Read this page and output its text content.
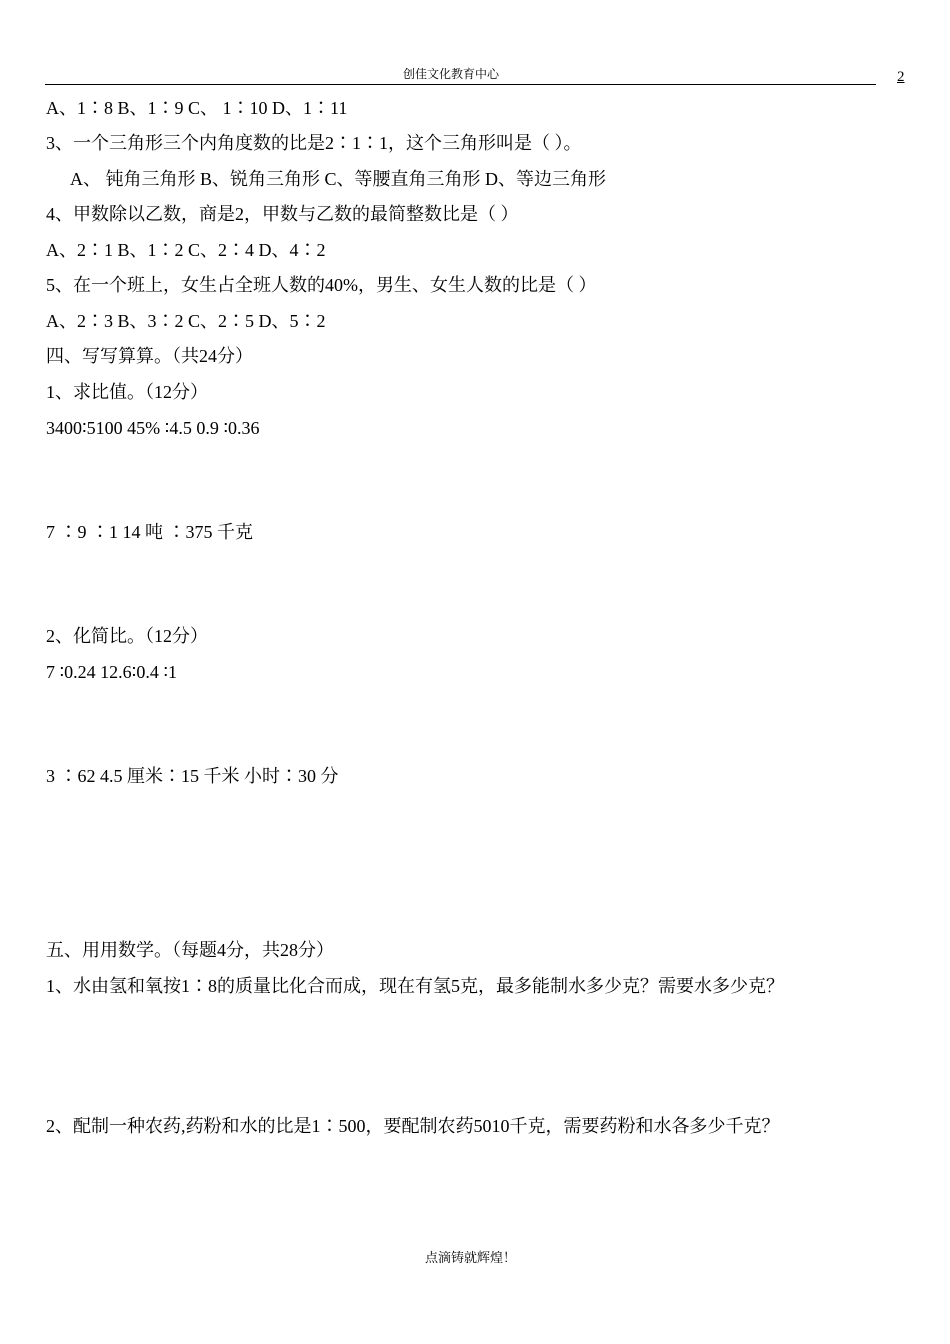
创佳文化教育中心	2
A、1∶8 B、1∶9 C、 1∶10 D、1∶11
3、一个三角形三个内角度数的比是2∶1∶1，这个三角形叫是（ ）。
A、 钝角三角形 B、锐角三角形 C、等腰直角三角形 D、等边三角形
4、甲数除以乙数，商是2，甲数与乙数的最简整数比是（ ）
A、2∶1 B、1∶2 C、2∶4 D、4∶2
5、在一个班上，女生占全班人数的40%，男生、女生人数的比是（ ）
A、2∶3 B、3∶2 C、2∶5 D、5∶2
四、写写算算。（共24分）
1、求比值。（12分）
3400∶5100 45% ∶4.5 0.9 ∶0.36
7 ∶9 ∶1 14 吨 ∶375 千克
2、化简比。（12分）
7 ∶0.24 12.6∶0.4 ∶1
3 ∶62 4.5 厘米∶15 千米 小时∶30 分
五、用用数学。（每题4分，共28分）
1、水由氢和氧按1∶8的质量比化合而成，现在有氢5克，最多能制水多少克？需要水多少克？
2、配制一种农药,药粉和水的比是1∶500，要配制农药5010千克，需要药粉和水各多少千克？
点滴铸就辉煌！
